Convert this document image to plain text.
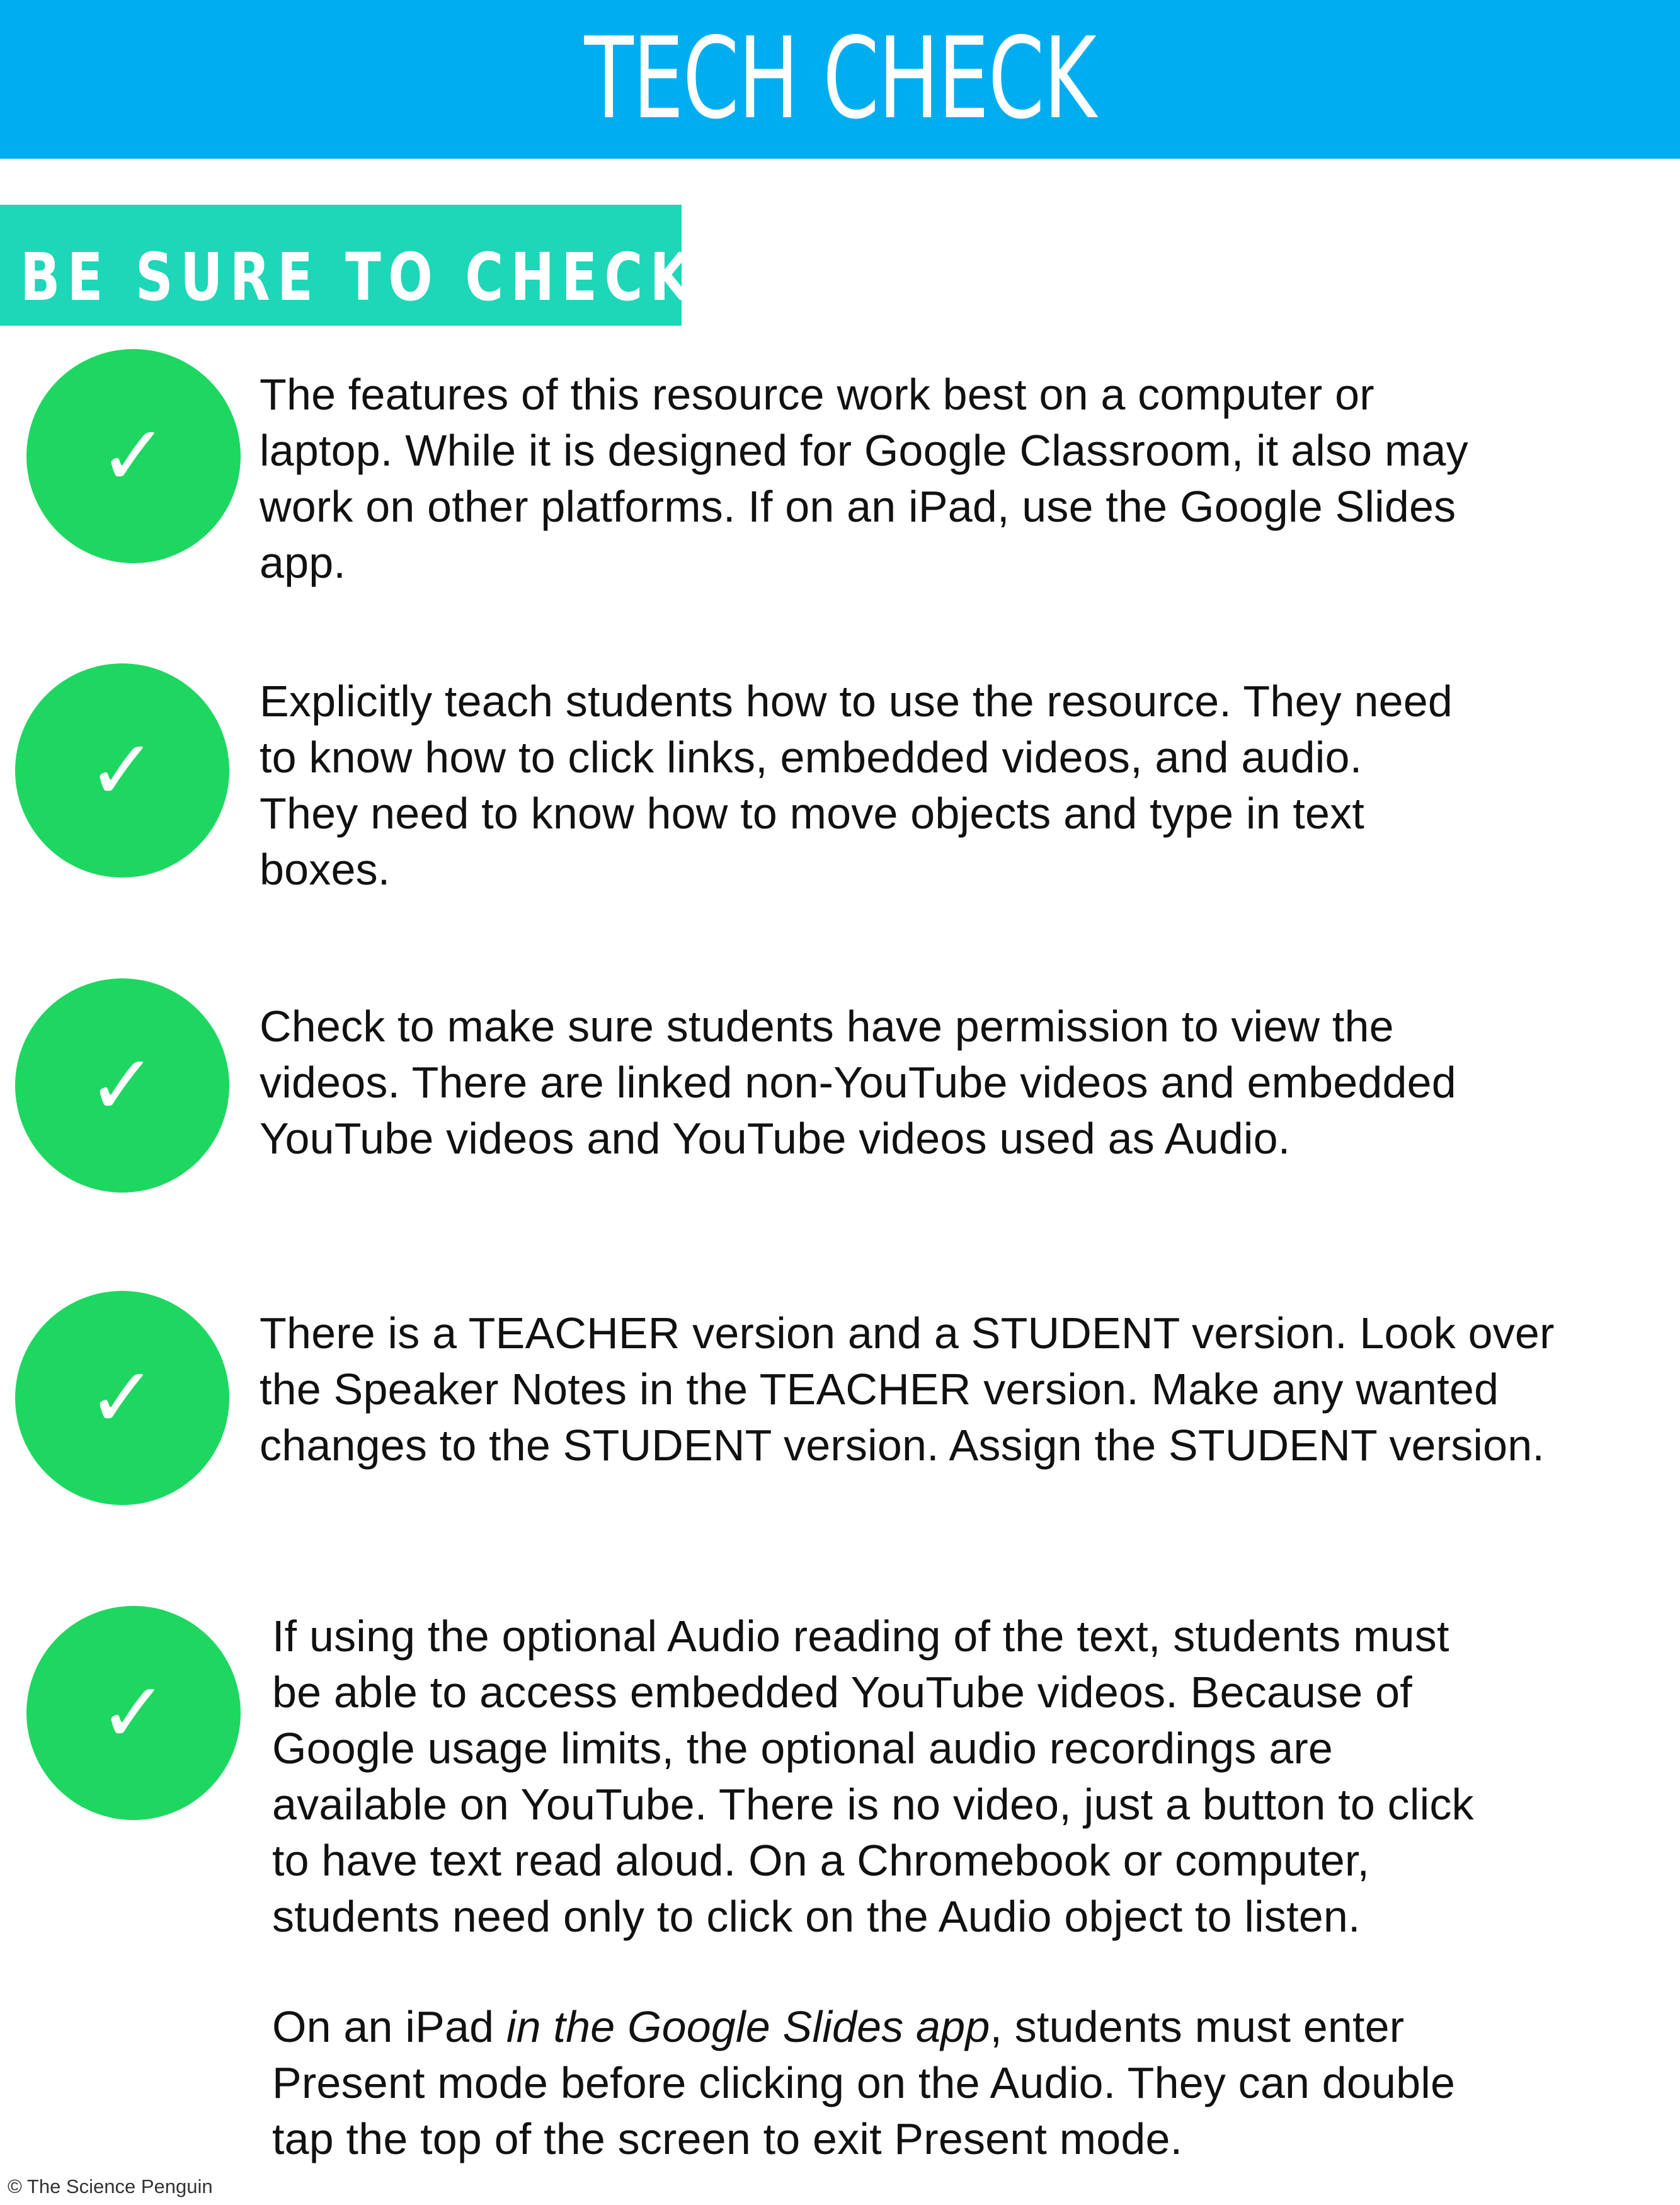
TECH CHECK
BE SURE TO CHECK:
✓
The features of this resource work best on a computer or
laptop. While it is designed for Google Classroom, it also may
work on other platforms. If on an iPad, use the Google Slides
app.
✓
Explicitly teach students how to use the resource. They need
to know how to click links, embedded videos, and audio.
They need to know how to move objects and type in text
boxes.
✓
Check to make sure students have permission to view the
videos. There are linked non-YouTube videos and embedded
YouTube videos and YouTube videos used as Audio.
✓
There is a TEACHER version and a STUDENT version. Look over
the Speaker Notes in the TEACHER version. Make any wanted
changes to the STUDENT version. Assign the STUDENT version.
✓
If using the optional Audio reading of the text, students must
be able to access embedded YouTube videos. Because of
Google usage limits, the optional audio recordings are
available on YouTube. There is no video, just a button to click
to have text read aloud. On a Chromebook or computer,
students need only to click on the Audio object to listen.
On an iPad in the Google Slides app, students must enter
Present mode before clicking on the Audio. They can double
tap the top of the screen to exit Present mode.
© The Science Penguin
